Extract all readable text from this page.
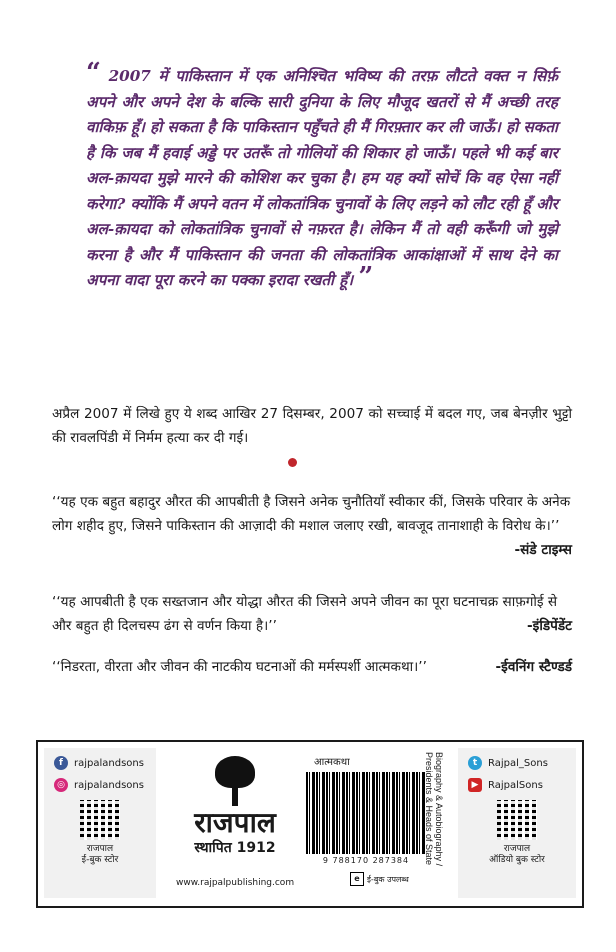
“ 2007 में पाकिस्तान में एक अनिश्चित भविष्य की तरफ़ लौटते वक्त न सिर्फ़ अपने और अपने देश के बल्कि सारी दुनिया के लिए मौजूद खतरों से मैं अच्छी तरह वाकिफ़ हूँ। हो सकता है कि पाकिस्तान पहुँचते ही मैं गिरफ़्तार कर ली जाऊँ। हो सकता है कि जब मैं हवाई अड्डे पर उतरूँ तो गोलियों की शिकार हो जाऊँ। पहले भी कई बार अल-क़ायदा मुझे मारने की कोशिश कर चुका है। हम यह क्यों सोचें कि वह ऐसा नहीं करेगा? क्योंकि मैं अपने वतन में लोकतांत्रिक चुनावों के लिए लड़ने को लौट रही हूँ और अल-क़ायदा को लोकतांत्रिक चुनावों से नफ़रत है। लेकिन मैं तो वही करूँगी जो मुझे करना है और मैं पाकिस्तान की जनता की लोकतांत्रिक आकांक्षाओं में साथ देने का अपना वादा पूरा करने का पक्का इरादा रखती हूँ। ”
अप्रैल 2007 में लिखे हुए ये शब्द आखिर 27 दिसम्बर, 2007 को सच्चाई में बदल गए, जब बेनज़ीर भुट्टो की रावलपिंडी में निर्मम हत्या कर दी गई।
‘‘यह एक बहुत बहादुर औरत की आपबीती है जिसने अनेक चुनौतियाँ स्वीकार कीं, जिसके परिवार के अनेक लोग शहीद हुए, जिसने पाकिस्तान की आज़ादी की मशाल जलाए रखी, बावजूद तानाशाही के विरोध के।’’
-संडे टाइम्स
‘‘यह आपबीती है एक सख्तजान और योद्धा औरत की जिसने अपने जीवन का पूरा घटनाचक्र साफ़गोई से और बहुत ही दिलचस्प ढंग से वर्णन किया है।’’	-इंडिपेंडेंट
‘‘निडरता, वीरता और जीवन की नाटकीय घटनाओं की मर्मस्पर्शी आत्मकथा।’’	-ईवनिंग स्टैण्डर्ड
f	rajpalandsons
◎ rajpalandsons
राजपाल
ई-बुक स्टोर
राजपाल
स्थापित 1912
www.rajpalpublishing.com
आत्मकथा
9 788170 287384
e ई-बुक उपलब्ध
Biography & Autobiography / Presidents & Heads of State	t	Rajpal_Sons
▶ RajpalSons
राजपाल
ऑडियो बुक स्टोर
